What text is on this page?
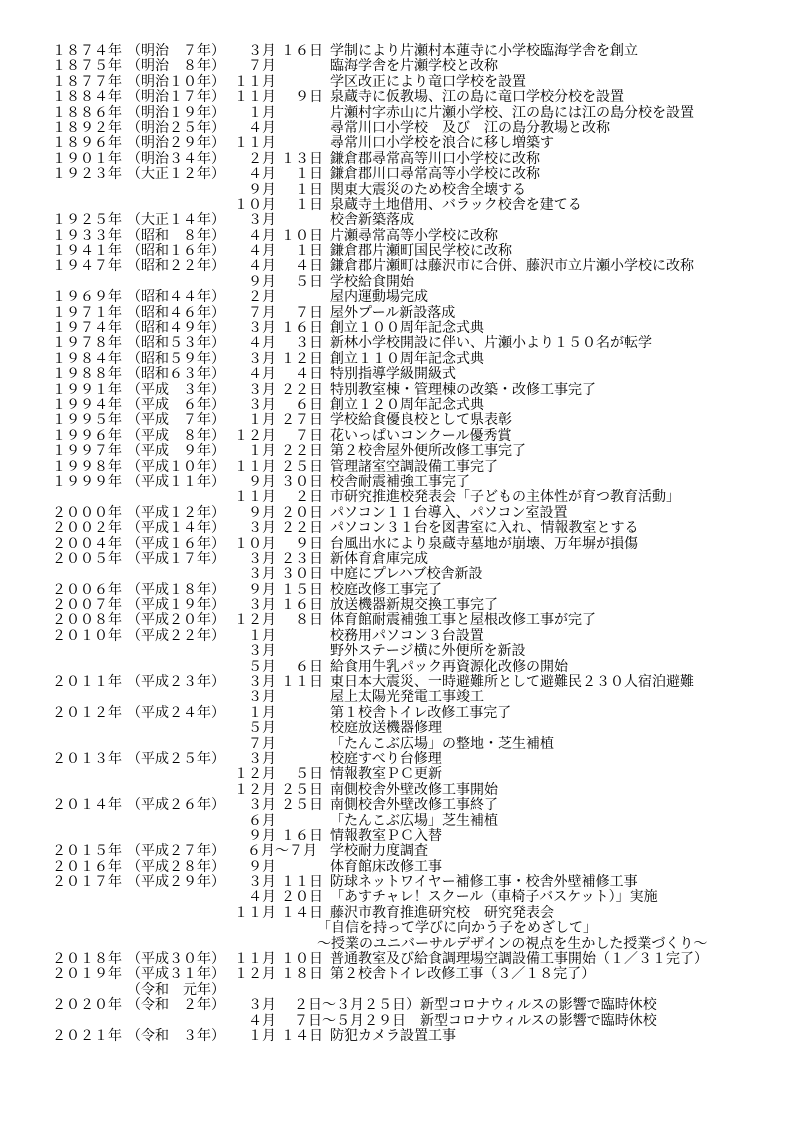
１８７４年 （明治　７年）	３月 １６日 学制により片瀬村本蓮寺に小学校臨海学舎を創立
１８７５年 （明治　８年）	７月	臨海学舎を片瀬学校と改称
１８７７年 （明治１０年） １１月	学区改正により竜口学校を設置
１８８４年 （明治１７年） １１月	９日 泉蔵寺に仮教場、江の島に竜口学校分校を設置
１８８６年 （明治１９年）	１月	片瀬村字赤山に片瀬小学校、江の島には江の島分校を設置
１８９２年 （明治２５年）	４月	尋常川口小学校　及び　江の島分教場と改称
１８９６年 （明治２９年） １１月	尋常川口小学校を浪合に移し増築す
１９０１年 （明治３４年）	２月 １３日 鎌倉郡尋常高等川口小学校に改称
１９２３年 （大正１２年）	４月	１日 鎌倉郡川口尋常高等小学校に改称
９月	１日 関東大震災のため校舎全壊する
１０月	１日 泉蔵寺土地借用、バラック校舎を建てる
１９２５年 （大正１４年）	３月	校舎新築落成
１９３３年 （昭和　８年）	４月 １０日 片瀬尋常高等小学校に改称
１９４１年 （昭和１６年）	４月	１日 鎌倉郡片瀬町国民学校に改称
１９４７年 （昭和２２年）	４月	４日 鎌倉郡片瀬町は藤沢市に合併、藤沢市立片瀬小学校に改称
９月	５日 学校給食開始
１９６９年 （昭和４４年）	２月	屋内運動場完成
１９７１年 （昭和４６年）	７月	７日 屋外プール新設落成
１９７４年 （昭和４９年）	３月 １６日 創立１００周年記念式典
１９７８年 （昭和５３年）	４月	３日 新林小学校開設に伴い、片瀬小より１５０名が転学
１９８４年 （昭和５９年）	３月 １２日 創立１１０周年記念式典
１９８８年 （昭和６３年）	４月	４日 特別指導学級開級式
１９９１年 （平成　３年）	３月 ２２日 特別教室棟・管理棟の改築・改修工事完了
１９９４年 （平成　６年）	３月	６日 創立１２０周年記念式典
１９９５年 （平成　７年）	１月 ２７日 学校給食優良校として県表彰
１９９６年 （平成　８年） １２月	７日 花いっぱいコンクール優秀賞
１９９７年 （平成　９年）	１月 ２２日 第２校舎屋外便所改修工事完了
１９９８年 （平成１０年） １１月 ２５日 管理諸室空調設備工事完了
１９９９年 （平成１１年）	９月 ３０日 校舎耐震補強工事完了
１１月	２日 市研究推進校発表会「子どもの主体性が育つ教育活動」
２０００年 （平成１２年）	９月 ２０日 パソコン１１台導入、パソコン室設置
２００２年 （平成１４年）	３月 ２２日 パソコン３１台を図書室に入れ、情報教室とする
２００４年 （平成１６年） １０月	９日 台風出水により泉蔵寺墓地が崩壊、万年塀が損傷
２００５年 （平成１７年）	３月 ２３日 新体育倉庫完成
３月 ３０日 中庭にプレハブ校舎新設
２００６年 （平成１８年）	９月 １５日 校庭改修工事完了
２００７年 （平成１９年）	３月 １６日 放送機器新規交換工事完了
２００８年 （平成２０年） １２月	８日 体育館耐震補強工事と屋根改修工事が完了
２０１０年 （平成２２年）	１月	校務用パソコン３台設置
３月	野外ステージ横に外便所を新設
５月	６日 給食用牛乳パック再資源化改修の開始
２０１１年 （平成２３年）	３月 １１日 東日本大震災、一時避難所として避難民２３０人宿泊避難
３月	屋上太陽光発電工事竣工
２０１２年 （平成２４年）	１月	第１校舎トイレ改修工事完了
５月	校庭放送機器修理
７月	「たんこぶ広場」の整地・芝生補植
２０１３年 （平成２５年）	３月	校庭すべり台修理
１２月	５日 情報教室ＰＣ更新
１２月 ２５日 南側校舎外壁改修工事開始
２０１４年 （平成２６年）	３月 ２５日 南側校舎外壁改修工事終了
６月	「たんこぶ広場」芝生補植
９月 １６日 情報教室ＰＣ入替
２０１５年 （平成２７年） ６月～７月 学校耐力度調査
２０１６年 （平成２８年）	９月	体育館床改修工事
２０１７年 （平成２９年）	３月 １１日 防球ネットワイヤー補修工事・校舎外壁補修工事
４月 ２０日 「あすチャレ！スクール（車椅子バスケット）」実施
１１月 １４日 藤沢市教育推進研究校　研究発表会
「自信を持って学びに向かう子をめざして」
～授業のユニバーサルデザインの視点を生かした授業づくり～
２０１８年 （平成３０年） １１月 １０日 普通教室及び給食調理場空調設備工事開始（１／３１完了）
２０１９年 （平成３１年） １２月 １８日 第２校舎トイレ改修工事（３／１８完了）
（令和　元年）
２０２０年 （令和　２年）	３月 ２日～３月２５日）新型コロナウィルスの影響で臨時休校
４月 ７日～５月２９日　新型コロナウィルスの影響で臨時休校
２０２１年 （令和　３年）	１月 １４日 防犯カメラ設置工事
